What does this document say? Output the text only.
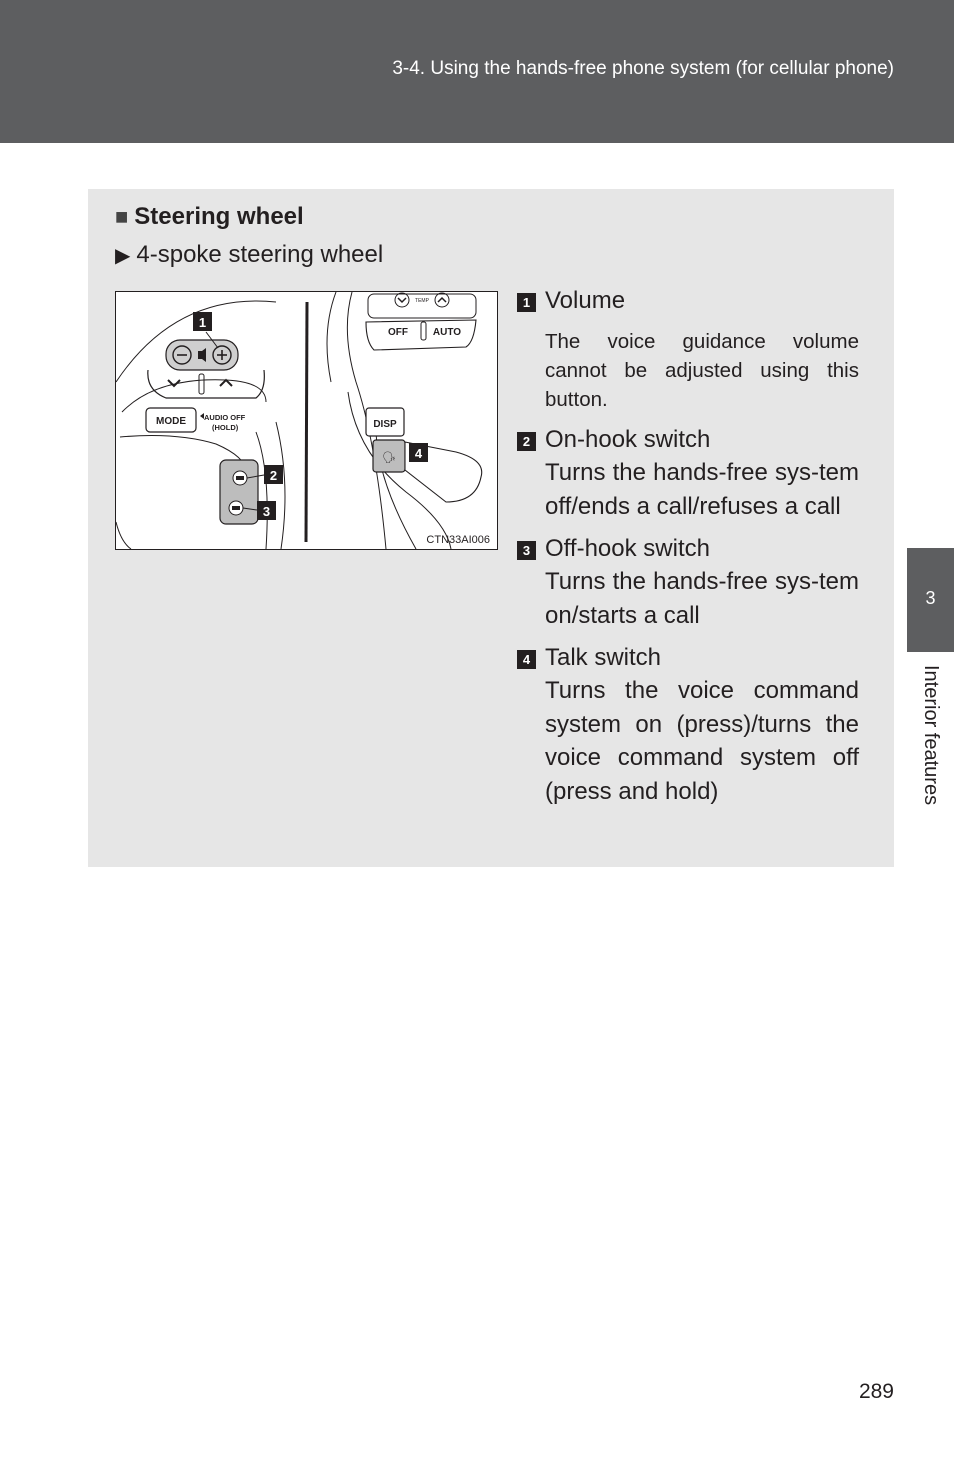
3-4. Using the hands-free phone system (for cellular phone)
■ Steering wheel
▶ 4-spoke steering wheel
MODE AUDIO OFF
(HOLD)
TEMP
OFF AUTO
DISP
🗣
1
2
3
4
CTN33AI006
1 Volume
The voice guidance volume cannot be adjusted using this button.
2 On-hook switch
Turns the hands-free sys-tem off/ends a call/refuses a call
3 Off-hook switch
Turns the hands-free sys-tem on/starts a call
4 Talk switch
Turns the voice command system on (press)/turns the voice command system off (press and hold)
3
Interior features
289
